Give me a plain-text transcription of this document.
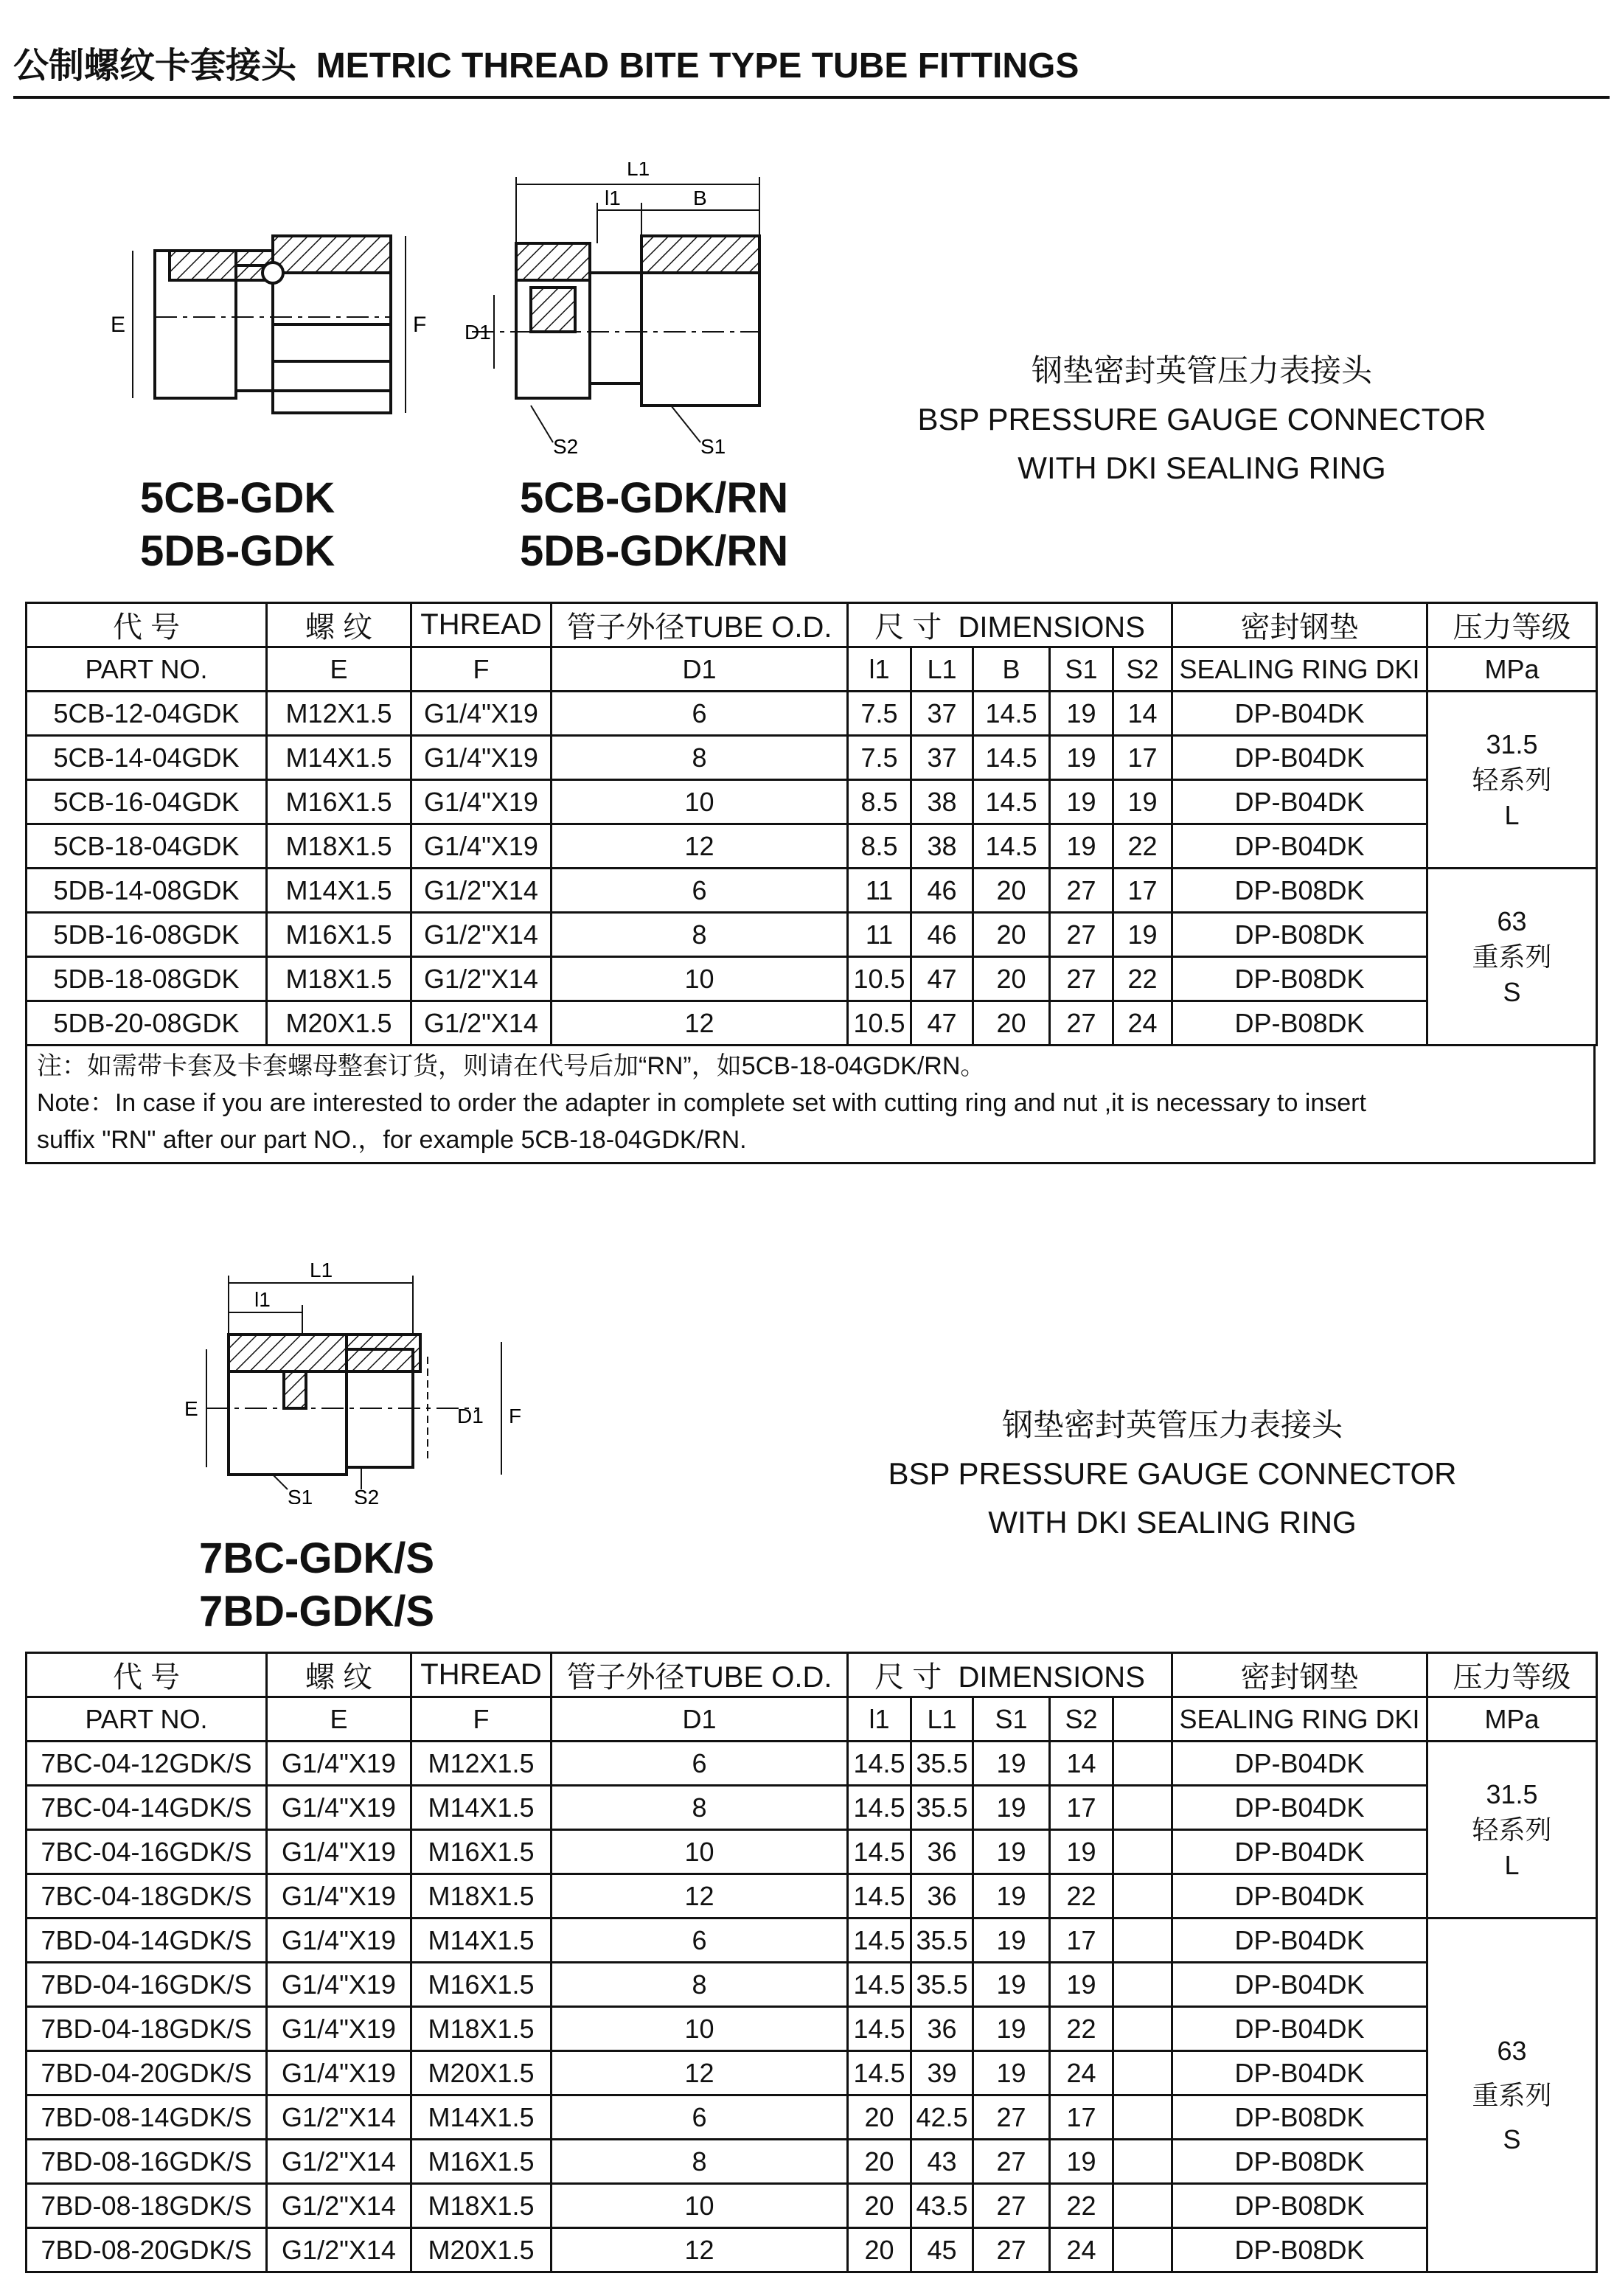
公制螺纹卡套接头 METRIC THREAD BITE TYPE TUBE FITTINGS
E	F
L1
l1	B
D1
S2	S1
5CB-GDK
5DB-GDK
5CB-GDK/RN
5DB-GDK/RN
钢垫密封英管压力表接头
BSP PRESSURE GAUGE CONNECTOR
WITH DKI SEALING RING
代 号	螺 纹	THREAD	管子外径TUBE O.D.	尺 寸 DIMENSIONS					密封钢垫	压力等级
PART NO.	E	F	D1	l1	L1	B	S1	S2	SEALING RING DKI	MPa
5CB-12-04GDK	M12X1.5	G1/4"X19	6	7.5	37	14.5	19	14	DP-B04DK	31.5
轻系列
L

5CB-14-04GDK	M14X1.5	G1/4"X19	8	7.5	37	14.5	19	17	DP-B04DK	
5CB-16-04GDK	M16X1.5	G1/4"X19	10	8.5	38	14.5	19	19	DP-B04DK	
5CB-18-04GDK	M18X1.5	G1/4"X19	12	8.5	38	14.5	19	22	DP-B04DK	
5DB-14-08GDK	M14X1.5	G1/2"X14	6	11	46	20	27	17	DP-B08DK	63
重系列
S

5DB-16-08GDK	M16X1.5	G1/2"X14	8	11	46	20	27	19	DP-B08DK	
5DB-18-08GDK	M18X1.5	G1/2"X14	10	10.5	47	20	27	22	DP-B08DK	
5DB-20-08GDK	M20X1.5	G1/2"X14	12	10.5	47	20	27	24	DP-B08DK	
注：如需带卡套及卡套螺母整套订货，则请在代号后加“RN”，如5CB-18-04GDK/RN。
Note：In case if you are interested to order the adapter in complete set with cutting ring and nut ,it is necessary to insert
suffix "RN" after our part NO.，for example 5CB-18-04GDK/RN.
L1
l1
E	D1 F
S1 S2
7BC-GDK/S
7BD-GDK/S
钢垫密封英管压力表接头
BSP PRESSURE GAUGE CONNECTOR
WITH DKI SEALING RING
代 号	螺 纹	THREAD	管子外径TUBE O.D.	尺 寸 DIMENSIONS					密封钢垫	压力等级
PART NO.	E	F	D1	l1	L1	S1	S2		SEALING RING DKI	MPa
7BC-04-12GDK/S	G1/4"X19	M12X1.5	6	14.5	35.5	19	14		DP-B04DK	31.5
轻系列
L

7BC-04-14GDK/S	G1/4"X19	M14X1.5	8	14.5	35.5	19	17		DP-B04DK	
7BC-04-16GDK/S	G1/4"X19	M16X1.5	10	14.5	36	19	19		DP-B04DK	
7BC-04-18GDK/S	G1/4"X19	M18X1.5	12	14.5	36	19	22		DP-B04DK	
7BD-04-14GDK/S	G1/4"X19	M14X1.5	6	14.5	35.5	19	17		DP-B04DK	63
重系列
S

7BD-04-16GDK/S	G1/4"X19	M16X1.5	8	14.5	35.5	19	19		DP-B04DK	
7BD-04-18GDK/S	G1/4"X19	M18X1.5	10	14.5	36	19	22		DP-B04DK	
7BD-04-20GDK/S	G1/4"X19	M20X1.5	12	14.5	39	19	24		DP-B04DK	
7BD-08-14GDK/S	G1/2"X14	M14X1.5	6	20	42.5	27	17		DP-B08DK	
7BD-08-16GDK/S	G1/2"X14	M16X1.5	8	20	43	27	19		DP-B08DK	
7BD-08-18GDK/S	G1/2"X14	M18X1.5	10	20	43.5	27	22		DP-B08DK	
7BD-08-20GDK/S	G1/2"X14	M20X1.5	12	20	45	27	24		DP-B08DK	
